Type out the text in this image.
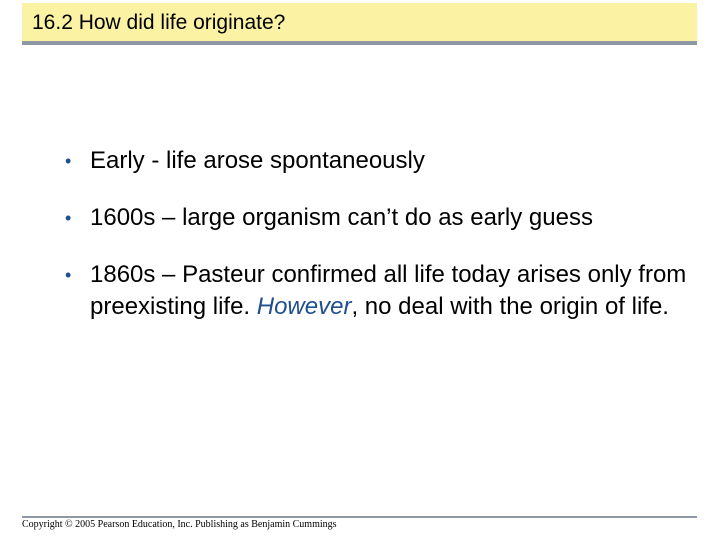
16.2 How did life originate?
• Early - life arose spontaneously
• 1600s – large organism can’t do as early guess
• 1860s – Pasteur confirmed all life today arises only from preexisting life. However, no deal with the origin of life.
Copyright © 2005 Pearson Education, Inc. Publishing as Benjamin Cummings
